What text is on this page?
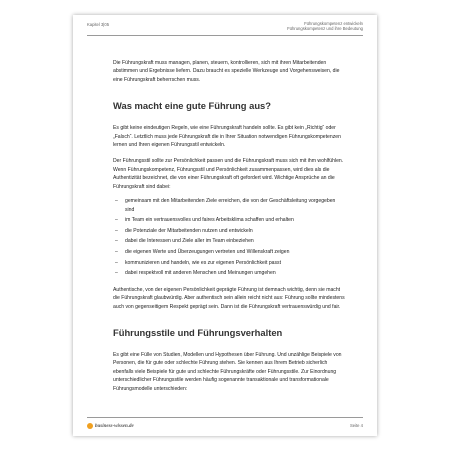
Kapitel 3|05	Führungskompetenz entwickeln
Führungskompetenz und ihre Bedeutung

Die Führungskraft muss managen, planen, steuern, kontrollieren, sich mit ihren Mitarbeitenden abstimmen und Ergebnisse liefern. Dazu braucht es spezielle Werkzeuge und Vorgehensweisen, die eine Führungskraft beherrschen muss.

Was macht eine gute Führung aus?

Es gibt keine eindeutigen Regeln, wie eine Führungskraft handeln sollte. Es gibt kein „Richtig“ oder „Falsch“. Letztlich muss jede Führungskraft die in Ihrer Situation notwendigen Führungskompetenzen lernen und Ihren eigenen Führungsstil entwickeln.

Der Führungsstil sollte zur Persönlichkeit passen und die Führungskraft muss sich mit ihm wohlfühlen. Wenn Führungskompetenz, Führungsstil und Persönlichkeit zusammenpassen, wird dies als die Authentizität bezeichnet, die von einer Führungskraft oft gefordert wird. Wichtige Ansprüche an die Führungskraft sind dabei:

– gemeinsam mit den Mitarbeitenden Ziele erreichen, die von der Geschäftsleitung vorgegeben sind
– im Team ein vertrauensvolles und faires Arbeitsklima schaffen und erhalten
– die Potenziale der Mitarbeitenden nutzen und entwickeln
– dabei die Interessen und Ziele aller im Team einbeziehen
– die eigenen Werte und Überzeugungen vertreten und Willenskraft zeigen
– kommunizieren und handeln, wie es zur eigenen Persönlichkeit passt
– dabei respektvoll mit anderen Menschen und Meinungen umgehen

Authentische, von der eigenen Persönlichkeit geprägte Führung ist demnach wichtig, denn sie macht die Führungskraft glaubwürdig. Aber authentisch sein allein reicht nicht aus: Führung sollte mindestens auch von gegenseitigem Respekt geprägt sein. Dann ist die Führungskraft vertrauenswürdig und fair.

Führungsstile und Führungsverhalten

Es gibt eine Fülle von Studien, Modellen und Hypothesen über Führung. Und unzählige Beispiele von Personen, die für gute oder schlechte Führung stehen. Sie kennen aus Ihrem Betrieb sicherlich ebenfalls viele Beispiele für gute und schlechte Führungskräfte oder Führungsstile. Zur Einordnung unterschiedlicher Führungsstile werden häufig sogenannte transaktionale und transformationale Führungsmodelle unterschieden:

business-wissen.de	Seite 4
